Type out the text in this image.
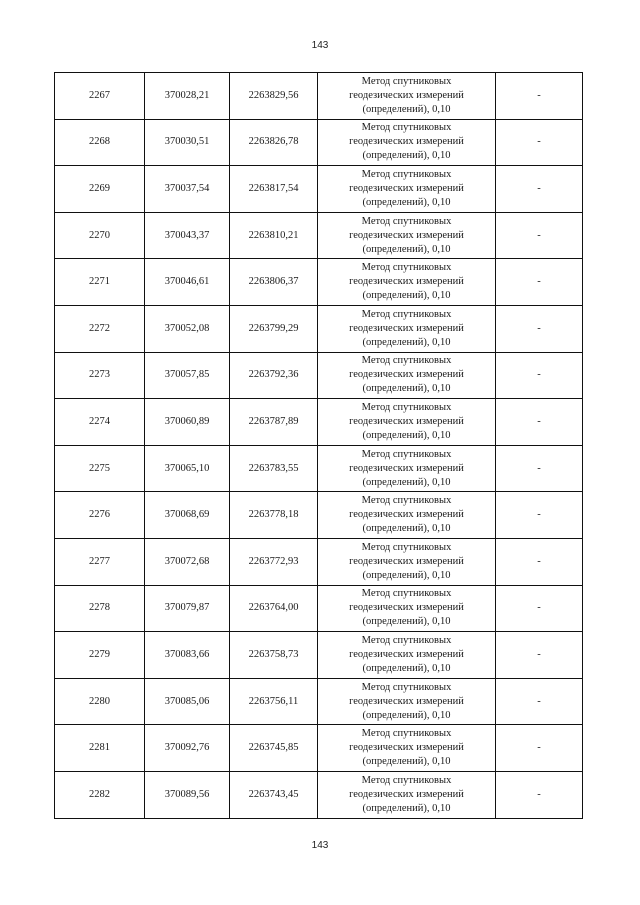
143
2267	370028,21	2263829,56	Метод спутниковых
геодезических измерений
(определений), 0,10	-
2268	370030,51	2263826,78	Метод спутниковых
геодезических измерений
(определений), 0,10	-
2269	370037,54	2263817,54	Метод спутниковых
геодезических измерений
(определений), 0,10	-
2270	370043,37	2263810,21	Метод спутниковых
геодезических измерений
(определений), 0,10	-
2271	370046,61	2263806,37	Метод спутниковых
геодезических измерений
(определений), 0,10	-
2272	370052,08	2263799,29	Метод спутниковых
геодезических измерений
(определений), 0,10	-
2273	370057,85	2263792,36	Метод спутниковых
геодезических измерений
(определений), 0,10	-
2274	370060,89	2263787,89	Метод спутниковых
геодезических измерений
(определений), 0,10	-
2275	370065,10	2263783,55	Метод спутниковых
геодезических измерений
(определений), 0,10	-
2276	370068,69	2263778,18	Метод спутниковых
геодезических измерений
(определений), 0,10	-
2277	370072,68	2263772,93	Метод спутниковых
геодезических измерений
(определений), 0,10	-
2278	370079,87	2263764,00	Метод спутниковых
геодезических измерений
(определений), 0,10	-
2279	370083,66	2263758,73	Метод спутниковых
геодезических измерений
(определений), 0,10	-
2280	370085,06	2263756,11	Метод спутниковых
геодезических измерений
(определений), 0,10	-
2281	370092,76	2263745,85	Метод спутниковых
геодезических измерений
(определений), 0,10	-
2282	370089,56	2263743,45	Метод спутниковых
геодезических измерений
(определений), 0,10	-
143
